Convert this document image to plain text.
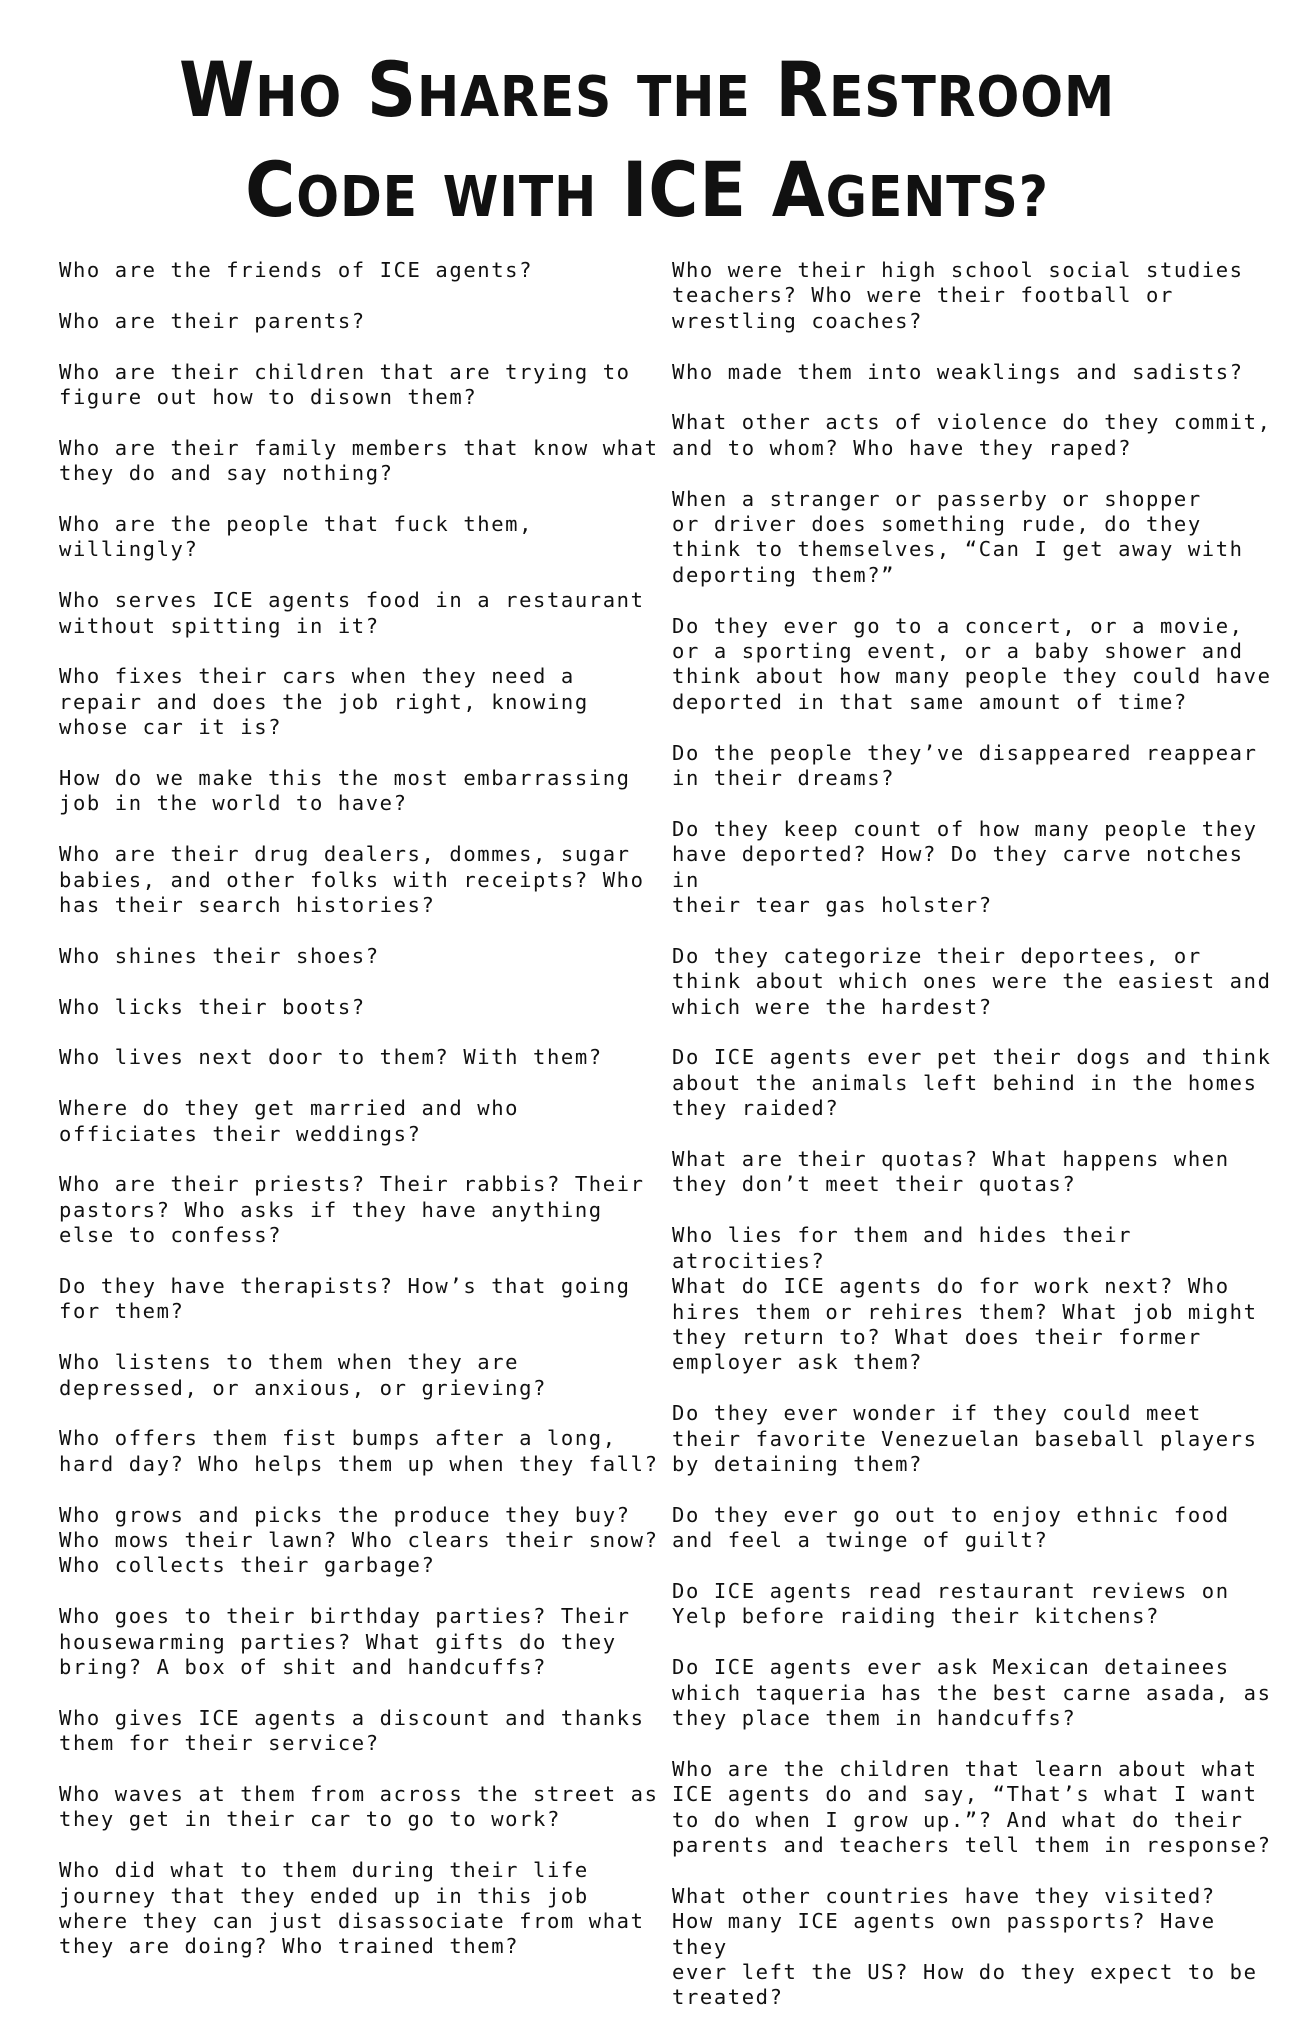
WHO SHARES THE RESTROOM
CODE WITH ICE AGENTS?

Who are the friends of ICE agents?

Who are their parents?

Who are their children that are trying to
figure out how to disown them?

Who are their family members that know what
they do and say nothing?

Who are the people that fuck them, willingly?

Who serves ICE agents food in a restaurant
without spitting in it?

Who fixes their cars when they need a
repair and does the job right, knowing
whose car it is?

How do we make this the most embarrassing
job in the world to have?

Who are their drug dealers, dommes, sugar
babies, and other folks with receipts? Who
has their search histories?

Who shines their shoes?

Who licks their boots?

Who lives next door to them? With them?

Where do they get married and who
officiates their weddings?

Who are their priests? Their rabbis? Their
pastors? Who asks if they have anything
else to confess?

Do they have therapists? How’s that going
for them?

Who listens to them when they are
depressed, or anxious, or grieving?

Who offers them fist bumps after a long,
hard day? Who helps them up when they fall?

Who grows and picks the produce they buy?
Who mows their lawn? Who clears their snow?
Who collects their garbage?

Who goes to their birthday parties? Their
housewarming parties? What gifts do they
bring? A box of shit and handcuffs?

Who gives ICE agents a discount and thanks
them for their service?

Who waves at them from across the street as
they get in their car to go to work?

Who did what to them during their life
journey that they ended up in this job
where they can just disassociate from what
they are doing? Who trained them?

Who were their high school social studies
teachers? Who were their football or
wrestling coaches?

Who made them into weaklings and sadists?

What other acts of violence do they commit,
and to whom? Who have they raped?

When a stranger or passerby or shopper
or driver does something rude, do they
think to themselves, “Can I get away with
deporting them?”

Do they ever go to a concert, or a movie,
or a sporting event, or a baby shower and
think about how many people they could have
deported in that same amount of time?

Do the people they’ve disappeared reappear
in their dreams?

Do they keep count of how many people they
have deported? How? Do they carve notches in
their tear gas holster?

Do they categorize their deportees, or
think about which ones were the easiest and
which were the hardest?

Do ICE agents ever pet their dogs and think
about the animals left behind in the homes
they raided?

What are their quotas? What happens when
they don’t meet their quotas?

Who lies for them and hides their atrocities?
What do ICE agents do for work next? Who
hires them or rehires them? What job might
they return to? What does their former
employer ask them?

Do they ever wonder if they could meet
their favorite Venezuelan baseball players
by detaining them?

Do they ever go out to enjoy ethnic food
and feel a twinge of guilt?

Do ICE agents read restaurant reviews on
Yelp before raiding their kitchens?

Do ICE agents ever ask Mexican detainees
which taqueria has the best carne asada, as
they place them in handcuffs?

Who are the children that learn about what
ICE agents do and say, “That’s what I want
to do when I grow up.”? And what do their
parents and teachers tell them in response?

What other countries have they visited?
How many ICE agents own passports? Have they
ever left the US? How do they expect to be
treated?
